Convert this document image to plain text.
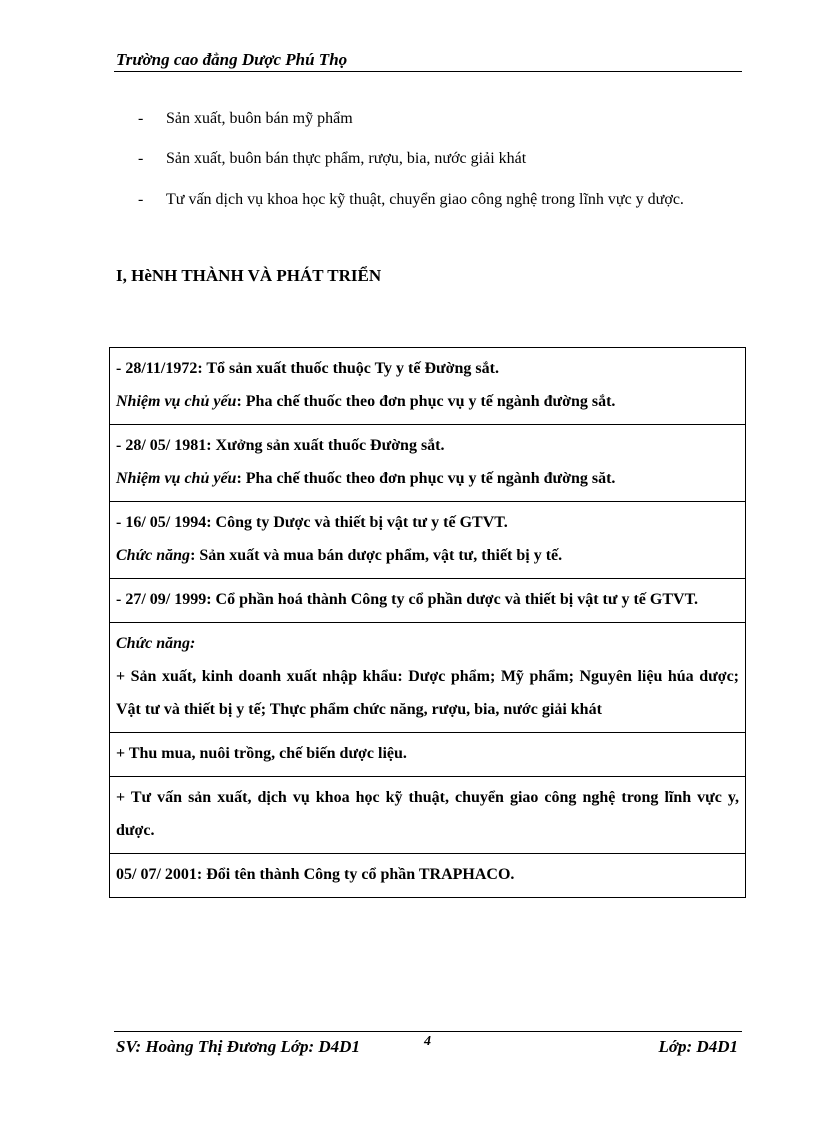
Trường cao đẳng Dược Phú Thọ
- Sản xuất, buôn bán mỹ phẩm
- Sản xuất, buôn bán thực phẩm, rượu, bia, nước giải khát
- Tư vấn dịch vụ khoa học kỹ thuật, chuyển giao công nghệ trong lĩnh vực y dược.
I, HèNH THÀNH VÀ PHÁT TRIỂN
- 28/11/1972: Tổ sản xuất thuốc thuộc Ty y tế Đường sắt.
Nhiệm vụ chủ yếu: Pha chế thuốc theo đơn phục vụ y tế ngành đường sắt.

- 28/ 05/ 1981: Xưởng sản xuất thuốc Đường sắt.
Nhiệm vụ chủ yếu: Pha chế thuốc theo đơn phục vụ y tế ngành đường săt.

- 16/ 05/ 1994: Công ty Dược và thiết bị vật tư y tế GTVT.
Chức năng: Sản xuất và mua bán dược phẩm, vật tư, thiết bị y tế.

- 27/ 09/ 1999: Cổ phần hoá thành Công ty cổ phần dược và thiết bị vật tư y tế GTVT.

Chức năng:
+ Sản xuất, kinh doanh xuất nhập khẩu: Dược phẩm; Mỹ phẩm; Nguyên liệu húa dược; Vật tư và thiết bị y tế; Thực phẩm chức năng, rượu, bia, nước giải khát

+ Thu mua, nuôi trồng, chế biến dược liệu.

+ Tư vấn sản xuất, dịch vụ khoa học kỹ thuật, chuyển giao công nghệ trong lĩnh vực y, dược.

05/ 07/ 2001: Đổi tên thành Công ty cổ phần TRAPHACO.
SV: Hoàng Thị Đương Lớp: D4D1	4	Lớp: D4D1
